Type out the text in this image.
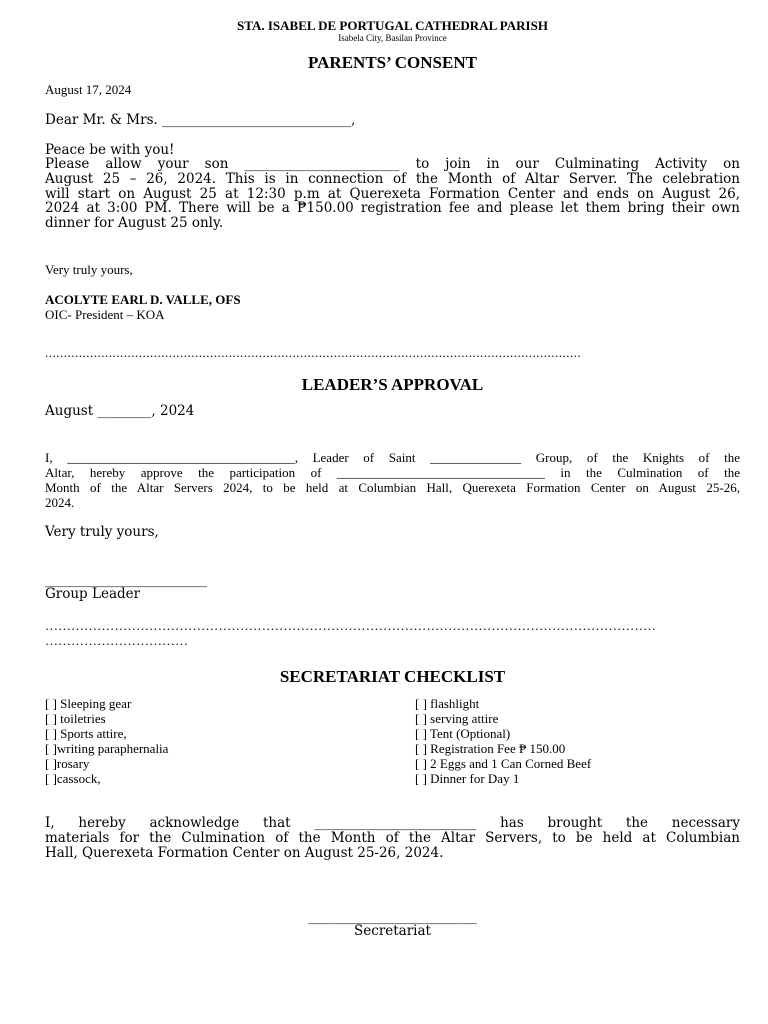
STA. ISABEL DE PORTUGAL CATHEDRAL PARISH
Isabela City, Basilan Province
PARENTS’ CONSENT
August 17, 2024
Dear Mr. & Mrs. ____________________________,
Peace be with you!
Please allow your son _______________________ to join in our Culminating Activity on
August 25 – 26, 2024. This is in connection of the Month of Altar Server. The celebration
will start on August 25 at 12:30 p.m at Querexeta Formation Center and ends on August 26,
2024 at 3:00 PM. There will be a ₱150.00 registration fee and please let them bring their own
dinner for August 25 only.
Very truly yours,
ACOLYTE EARL D. VALLE, OFS
OIC- President – KOA
...............................................................................................................................................
LEADER’S APPROVAL
August ________, 2024
I, ___________________________________, Leader of Saint ______________ Group, of the Knights of the
Altar, hereby approve the participation of ________________________________ in the Culmination of the
Month of the Altar Servers 2024, to be held at Columbian Hall, Querexeta Formation Center on August 25-26,
2024.
Very truly yours,
________________________
Group Leader
……………………………………………………………………………………………………………………………
……………………………
SECRETARIAT CHECKLIST
[ ] Sleeping gear
[ ] toiletries
[ ] Sports attire,
[ ]writing paraphernalia
[ ]rosary
[ ]cassock,
[ ] flashlight
[ ] serving attire
[ ] Tent (Optional)
[ ] Registration Fee ₱ 150.00
[ ] 2 Eggs and 1 Can Corned Beef
[ ] Dinner for Day 1
I, hereby acknowledge that ________________________ has brought the necessary
materials for the Culmination of the Month of the Altar Servers, to be held at Columbian
Hall, Querexeta Formation Center on August 25-26, 2024.
_________________________
Secretariat
